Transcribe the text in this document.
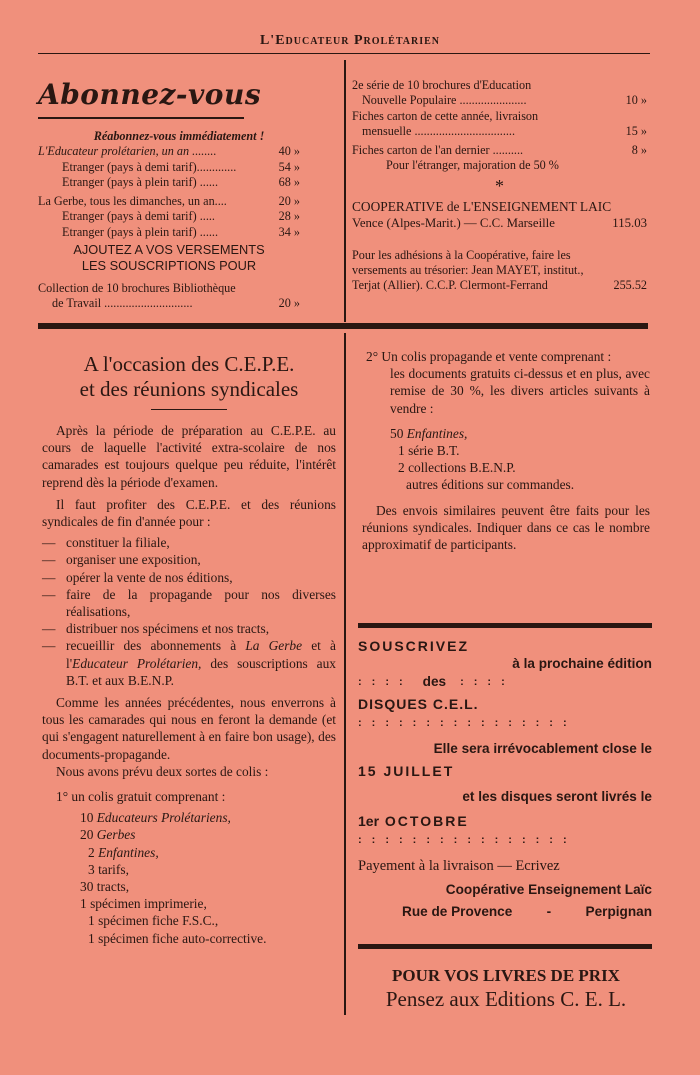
L'Educateur Prolétarien
Abonnez-vous
Réabonnez-vous immédiatement !
L'Educateur prolétarien, un an ........	40 »
Etranger (pays à demi tarif).............	54 »
Etranger (pays à plein tarif) ......	68 »
La Gerbe, tous les dimanches, un an....	20 »
Etranger (pays à demi tarif) .....	28 »
Etranger (pays à plein tarif) ......	34 »
AJOUTEZ A VOS VERSEMENTS
LES SOUSCRIPTIONS POUR
Collection de 10 brochures Bibliothèque
de Travail .............................	20 »
2e série de 10 brochures d'Education
Nouvelle Populaire ......................	10 »
Fiches carton de cette année, livraison
mensuelle .................................	15 »
Fiches carton de l'an dernier ..........	8 »
Pour l'étranger, majoration de 50 %
*
COOPERATIVE de L'ENSEIGNEMENT LAIC
Vence (Alpes-Marit.) — C.C. Marseille	115.03
Pour les adhésions à la Coopérative, faire les
versements au trésorier: Jean MAYET, institut.,
Terjat (Allier). C.C.P. Clermont-Ferrand	255.52
A l'occasion des C.E.P.E.
et des réunions syndicales
Après la période de préparation au C.E.P.E. au cours de laquelle l'activité extra-scolaire de nos camarades est toujours quelque peu réduite, l'intérêt reprend dès la période d'examen.
Il faut profiter des C.E.P.E. et des réunions syndicales de fin d'année pour :
— constituer la filiale,
— organiser une exposition,
— opérer la vente de nos éditions,
— faire de la propagande pour nos diverses réalisations,
— distribuer nos spécimens et nos tracts,
— recueillir des abonnements à La Gerbe et à l'Educateur Prolétarien, des souscriptions aux B.T. et aux B.E.N.P.
Comme les années précédentes, nous enverrons à tous les camarades qui nous en feront la demande (et qui s'engagent naturellement à en faire bon usage), des documents-propagande.
Nous avons prévu deux sortes de colis :
1° un colis gratuit comprenant :
10 Educateurs Prolétariens,
20 Gerbes
2 Enfantines,
3 tarifs,
30 tracts,
1 spécimen imprimerie,
1 spécimen fiche F.S.C.,
1 spécimen fiche auto-corrective.
2° Un colis propagande et vente comprenant :
les documents gratuits ci-dessus et en plus, avec remise de 30 %, les divers articles suivants à vendre :
50 Enfantines,
1 série B.T.
2 collections B.E.N.P.
autres éditions sur commandes.
Des envois similaires peuvent être faits pour les réunions syndicales. Indiquer dans ce cas le nombre approximatif de participants.
SOUSCRIVEZ
à la prochaine édition
:: :: des :: ::
DISQUES C.E.L.
::::::::::::::::
Elle sera irrévocablement close le
15 JUILLET
et les disques seront livrés le
1er OCTOBRE
::::::::::::::::
Payement à la livraison — Ecrivez
Coopérative Enseignement Laïc
Rue de Provence	-	Perpignan
POUR VOS LIVRES DE PRIX
Pensez aux Editions C. E. L.
